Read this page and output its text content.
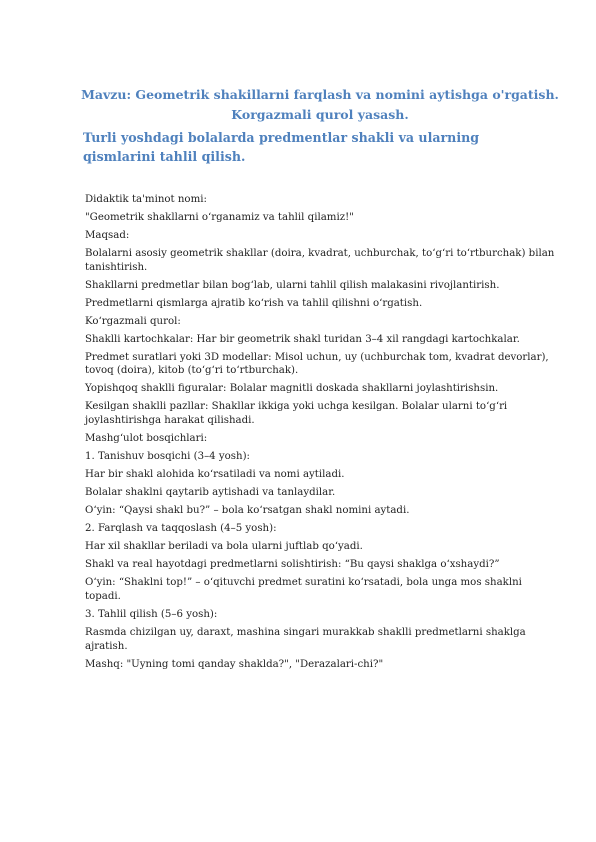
Mavzu: Geometrik shakillarni farqlash va nomini aytishga o'rgatish.
Korgazmali qurol yasash.
Turli yoshdagi bolalarda predmentlar shakli va ularning qismlarini tahlil qilish.

Didaktik ta'minot nomi:

"Geometrik shakllarni o‘rganamiz va tahlil qilamiz!"

Maqsad:

Bolalarni asosiy geometrik shakllar (doira, kvadrat, uchburchak, to‘g‘ri to‘rtburchak) bilan tanishtirish.

Shakllarni predmetlar bilan bog‘lab, ularni tahlil qilish malakasini rivojlantirish.

Predmetlarni qismlarga ajratib ko‘rish va tahlil qilishni o‘rgatish.

Ko‘rgazmali qurol:

Shaklli kartochkalar: Har bir geometrik shakl turidan 3–4 xil rangdagi kartochkalar.

Predmet suratlari yoki 3D modellar: Misol uchun, uy (uchburchak tom, kvadrat devorlar), tovoq (doira), kitob (to‘g‘ri to‘rtburchak).

Yopishqoq shaklli figuralar: Bolalar magnitli doskada shakllarni joylashtirishsin.

Kesilgan shaklli pazllar: Shakllar ikkiga yoki uchga kesilgan. Bolalar ularni to‘g‘ri joylashtirishga harakat qilishadi.

Mashg‘ulot bosqichlari:

1. Tanishuv bosqichi (3–4 yosh):

Har bir shakl alohida ko‘rsatiladi va nomi aytiladi.

Bolalar shaklni qaytarib aytishadi va tanlaydilar.

O‘yin: “Qaysi shakl bu?” – bola ko‘rsatgan shakl nomini aytadi.

2. Farqlash va taqqoslash (4–5 yosh):

Har xil shakllar beriladi va bola ularni juftlab qo‘yadi.

Shakl va real hayotdagi predmetlarni solishtirish: “Bu qaysi shaklga o‘xshaydi?”

O‘yin: “Shaklni top!” – o‘qituvchi predmet suratini ko‘rsatadi, bola unga mos shaklni topadi.

3. Tahlil qilish (5–6 yosh):

Rasmda chizilgan uy, daraxt, mashina singari murakkab shaklli predmetlarni shaklga ajratish.

Mashq: "Uyning tomi qanday shaklda?", "Derazalari-chi?"
